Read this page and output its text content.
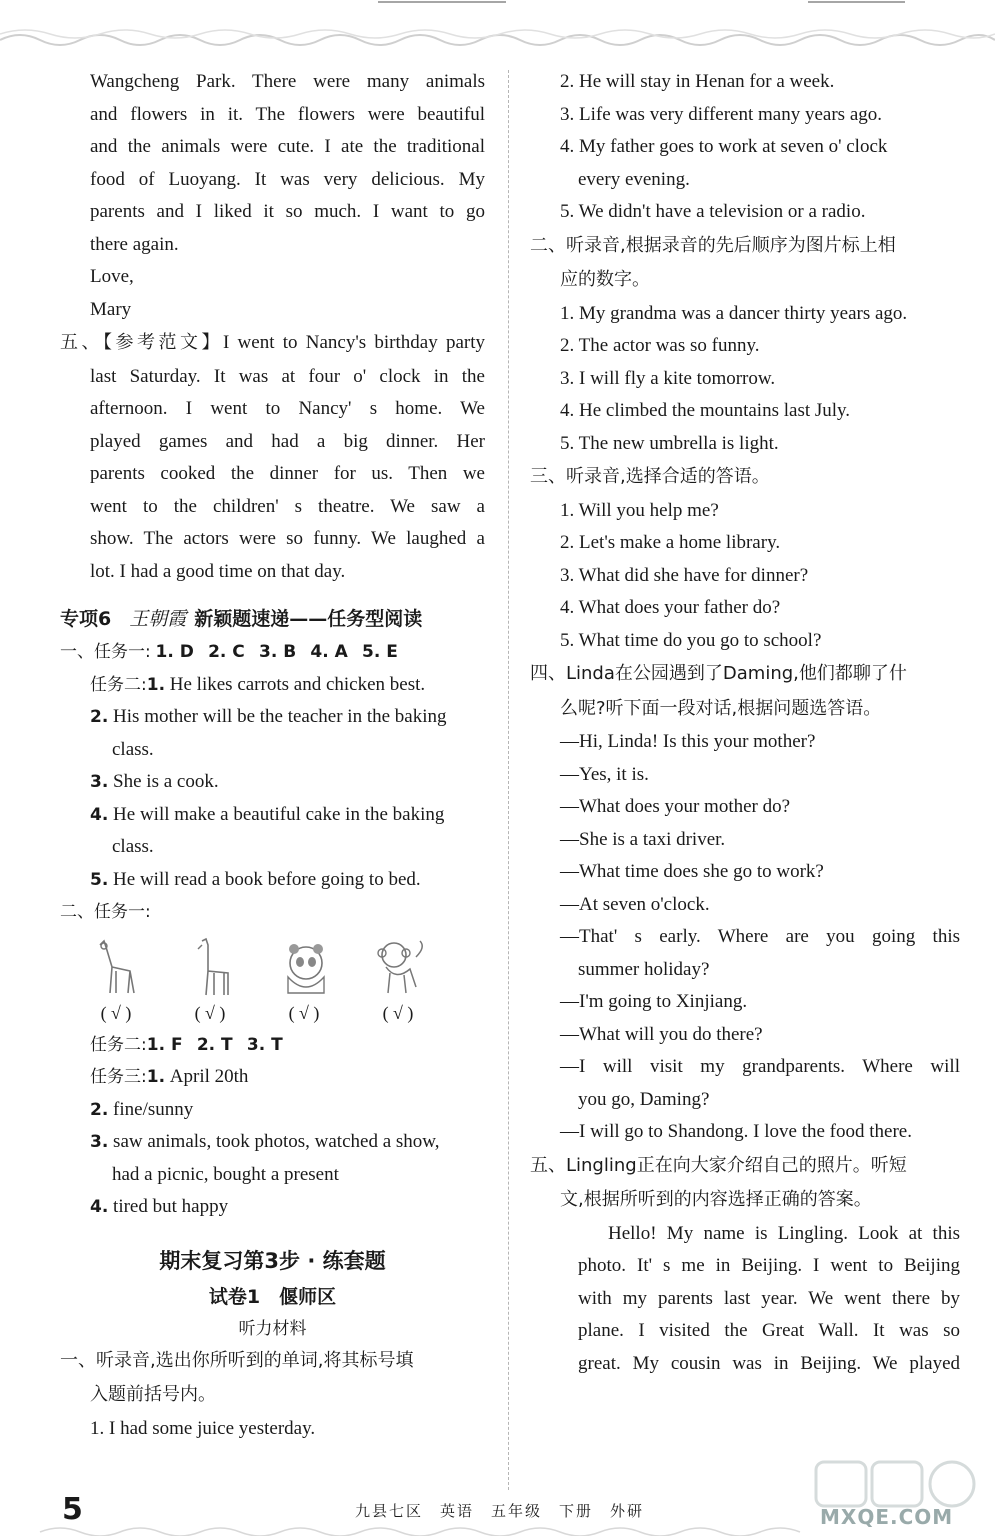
Wangcheng Park. There were many animals
and flowers in it. The flowers were beautiful
and the animals were cute. I ate the traditional
food of Luoyang. It was very delicious. My
parents and I liked it so much. I want to go
there again.
Love,
Mary
五、【参考范文】I went to Nancy's birthday party
last Saturday. It was at four o' clock in the
afternoon. I went to Nancy' s home. We
played games and had a big dinner. Her
parents cooked the dinner for us. Then we
went to the children' s theatre. We saw a
show. The actors were so funny. We laughed a
lot. I had a good time on that day.
专项6 王朝霞 新颖题速递——任务型阅读
一、任务一: 1. D 2. C 3. B 4. A 5. E
任务二:1. He likes carrots and chicken best.
2. His mother will be the teacher in the baking
class.
3. She is a cook.
4. He will make a beautiful cake in the baking
class.
5. He will read a book before going to bed.
二、任务一:
( √ )	( √ )	( √ )	( √ )
任务二:1. F 2. T 3. T
任务三:1. April 20th
2. fine/sunny
3. saw animals, took photos, watched a show,
had a picnic, bought a present
4. tired but happy
期末复习第3步 · 练套题
试卷1　偃师区
听力材料
一、听录音,选出你所听到的单词,将其标号填
入题前括号内。
1. I had some juice yesterday.
2. He will stay in Henan for a week.
3. Life was very different many years ago.
4. My father goes to work at seven o' clock
every evening.
5. We didn't have a television or a radio.
二、听录音,根据录音的先后顺序为图片标上相
应的数字。
1. My grandma was a dancer thirty years ago.
2. The actor was so funny.
3. I will fly a kite tomorrow.
4. He climbed the mountains last July.
5. The new umbrella is light.
三、听录音,选择合适的答语。
1. Will you help me?
2. Let's make a home library.
3. What did she have for dinner?
4. What does your father do?
5. What time do you go to school?
四、Linda在公园遇到了Daming,他们都聊了什
么呢?听下面一段对话,根据问题选答语。
—Hi, Linda! Is this your mother?
—Yes, it is.
—What does your mother do?
—She is a taxi driver.
—What time does she go to work?
—At seven o'clock.
—That' s early. Where are you going this
summer holiday?
—I'm going to Xinjiang.
—What will you do there?
—I will visit my grandparents. Where will
you go, Daming?
—I will go to Shandong. I love the food there.
五、Lingling正在向大家介绍自己的照片。听短
文,根据所听到的内容选择正确的答案。
Hello! My name is Lingling. Look at this
photo. It' s me in Beijing. I went to Beijing
with my parents last year. We went there by
plane. I visited the Great Wall. It was so
great. My cousin was in Beijing. We played
5	九县七区　英语　五年级　下册　外研	MXQE.COM
